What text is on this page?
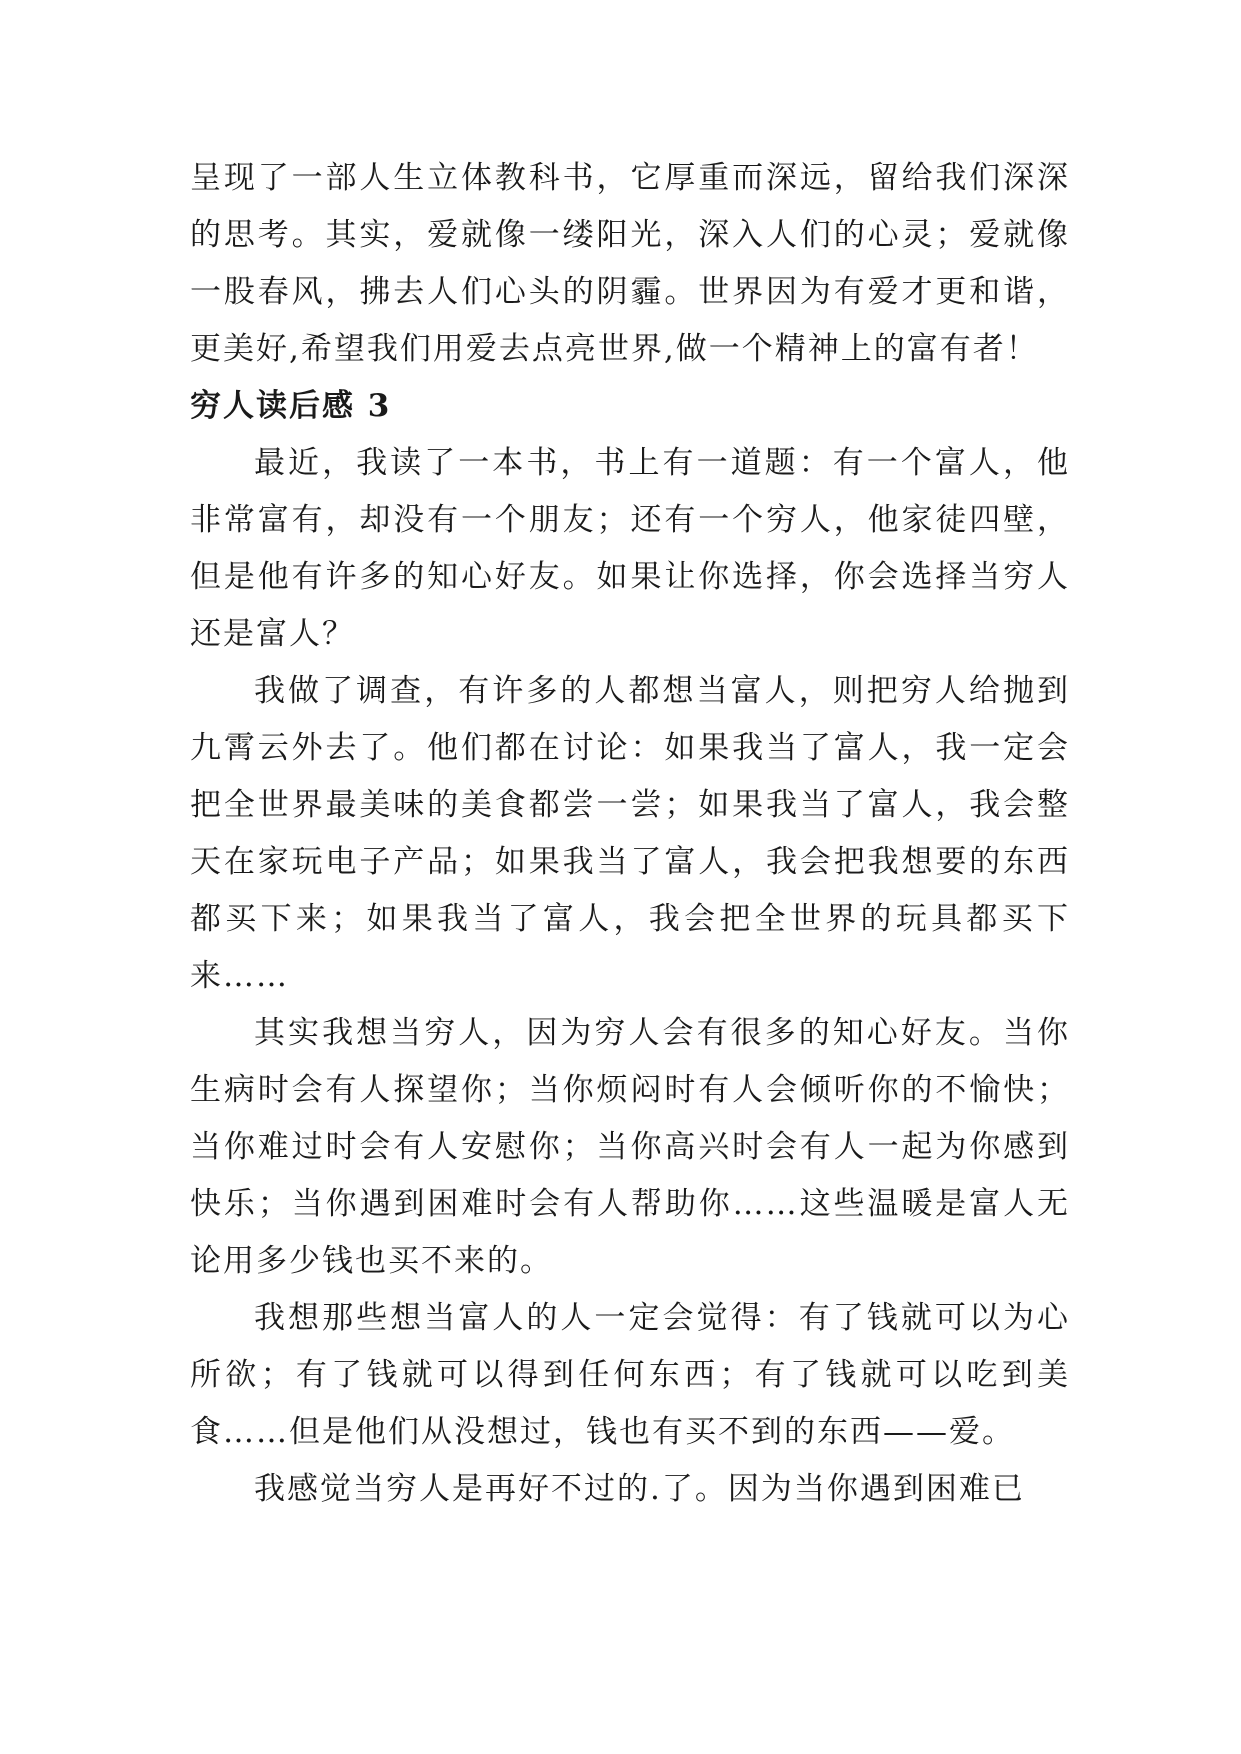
呈现了一部人生立体教科书，它厚重而深远，留给我们深深的思考。其实，爱就像一缕阳光，深入人们的心灵；爱就像一股春风，拂去人们心头的阴霾。世界因为有爱才更和谐，更美好,希望我们用爱去点亮世界,做一个精神上的富有者！

穷人读后感 3

最近，我读了一本书，书上有一道题：有一个富人，他非常富有，却没有一个朋友；还有一个穷人，他家徒四壁，但是他有许多的知心好友。如果让你选择，你会选择当穷人还是富人？

我做了调查，有许多的人都想当富人，则把穷人给抛到九霄云外去了。他们都在讨论：如果我当了富人，我一定会把全世界最美味的美食都尝一尝；如果我当了富人，我会整天在家玩电子产品；如果我当了富人，我会把我想要的东西都买下来；如果我当了富人，我会把全世界的玩具都买下来……

其实我想当穷人，因为穷人会有很多的知心好友。当你生病时会有人探望你；当你烦闷时有人会倾听你的不愉快；当你难过时会有人安慰你；当你高兴时会有人一起为你感到快乐；当你遇到困难时会有人帮助你……这些温暖是富人无论用多少钱也买不来的。

我想那些想当富人的人一定会觉得：有了钱就可以为心所欲；有了钱就可以得到任何东西；有了钱就可以吃到美食……但是他们从没想过，钱也有买不到的东西——爱。

我感觉当穷人是再好不过的.了。因为当你遇到困难已
